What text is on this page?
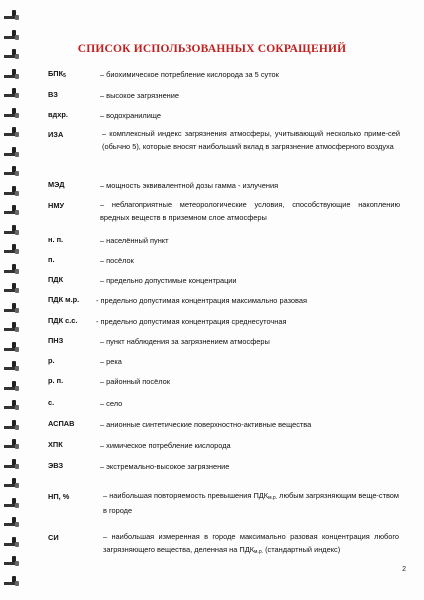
СПИСОК ИСПОЛЬЗОВАННЫХ СОКРАЩЕНИЙ
$БПК_5$	– биохимическое потребление кислорода за 5 суток
ВЗ	– высокое загрязнение
вдхр.	– водохранилище
ИЗА	– комплексный индекс загрязнения атмосферы, учитывающий несколько приме-сей (обычно 5), которые вносят наибольший вклад в загрязнение атмосферного воздуха
МЭД	– мощность эквивалентной дозы гамма - излучения
НМУ	– неблагоприятные метеорологические условия, способствующие накоплению вредных веществ в приземном слое атмосферы
н. п.	– населённый пункт
п.	– посёлок
ПДК	– предельно допустимые концентрации
ПДК м.р. - предельно допустимая концентрация максимально разовая
ПДК с.с.	- предельно допустимая концентрация среднесуточная
ПНЗ	– пункт наблюдения за загрязнением атмосферы
р.	– река
р. п.	– районный посёлок
с.	– село
АСПАВ	– анионные синтетические поверхностно-активные вещества
ХПК	– химическое потребление кислорода
ЭВЗ	– экстремально-высокое загрязнение
НП, %	– наибольшая повторяемость превышения $ПДК_{м.р.}$ любым загрязняющим веще-ством в городе
СИ	– наибольшая измеренная в городе максимально разовая концентрация любого загрязняющего вещества, деленная на $ПДК_{м.р.}$ (стандартный индекс)
2
